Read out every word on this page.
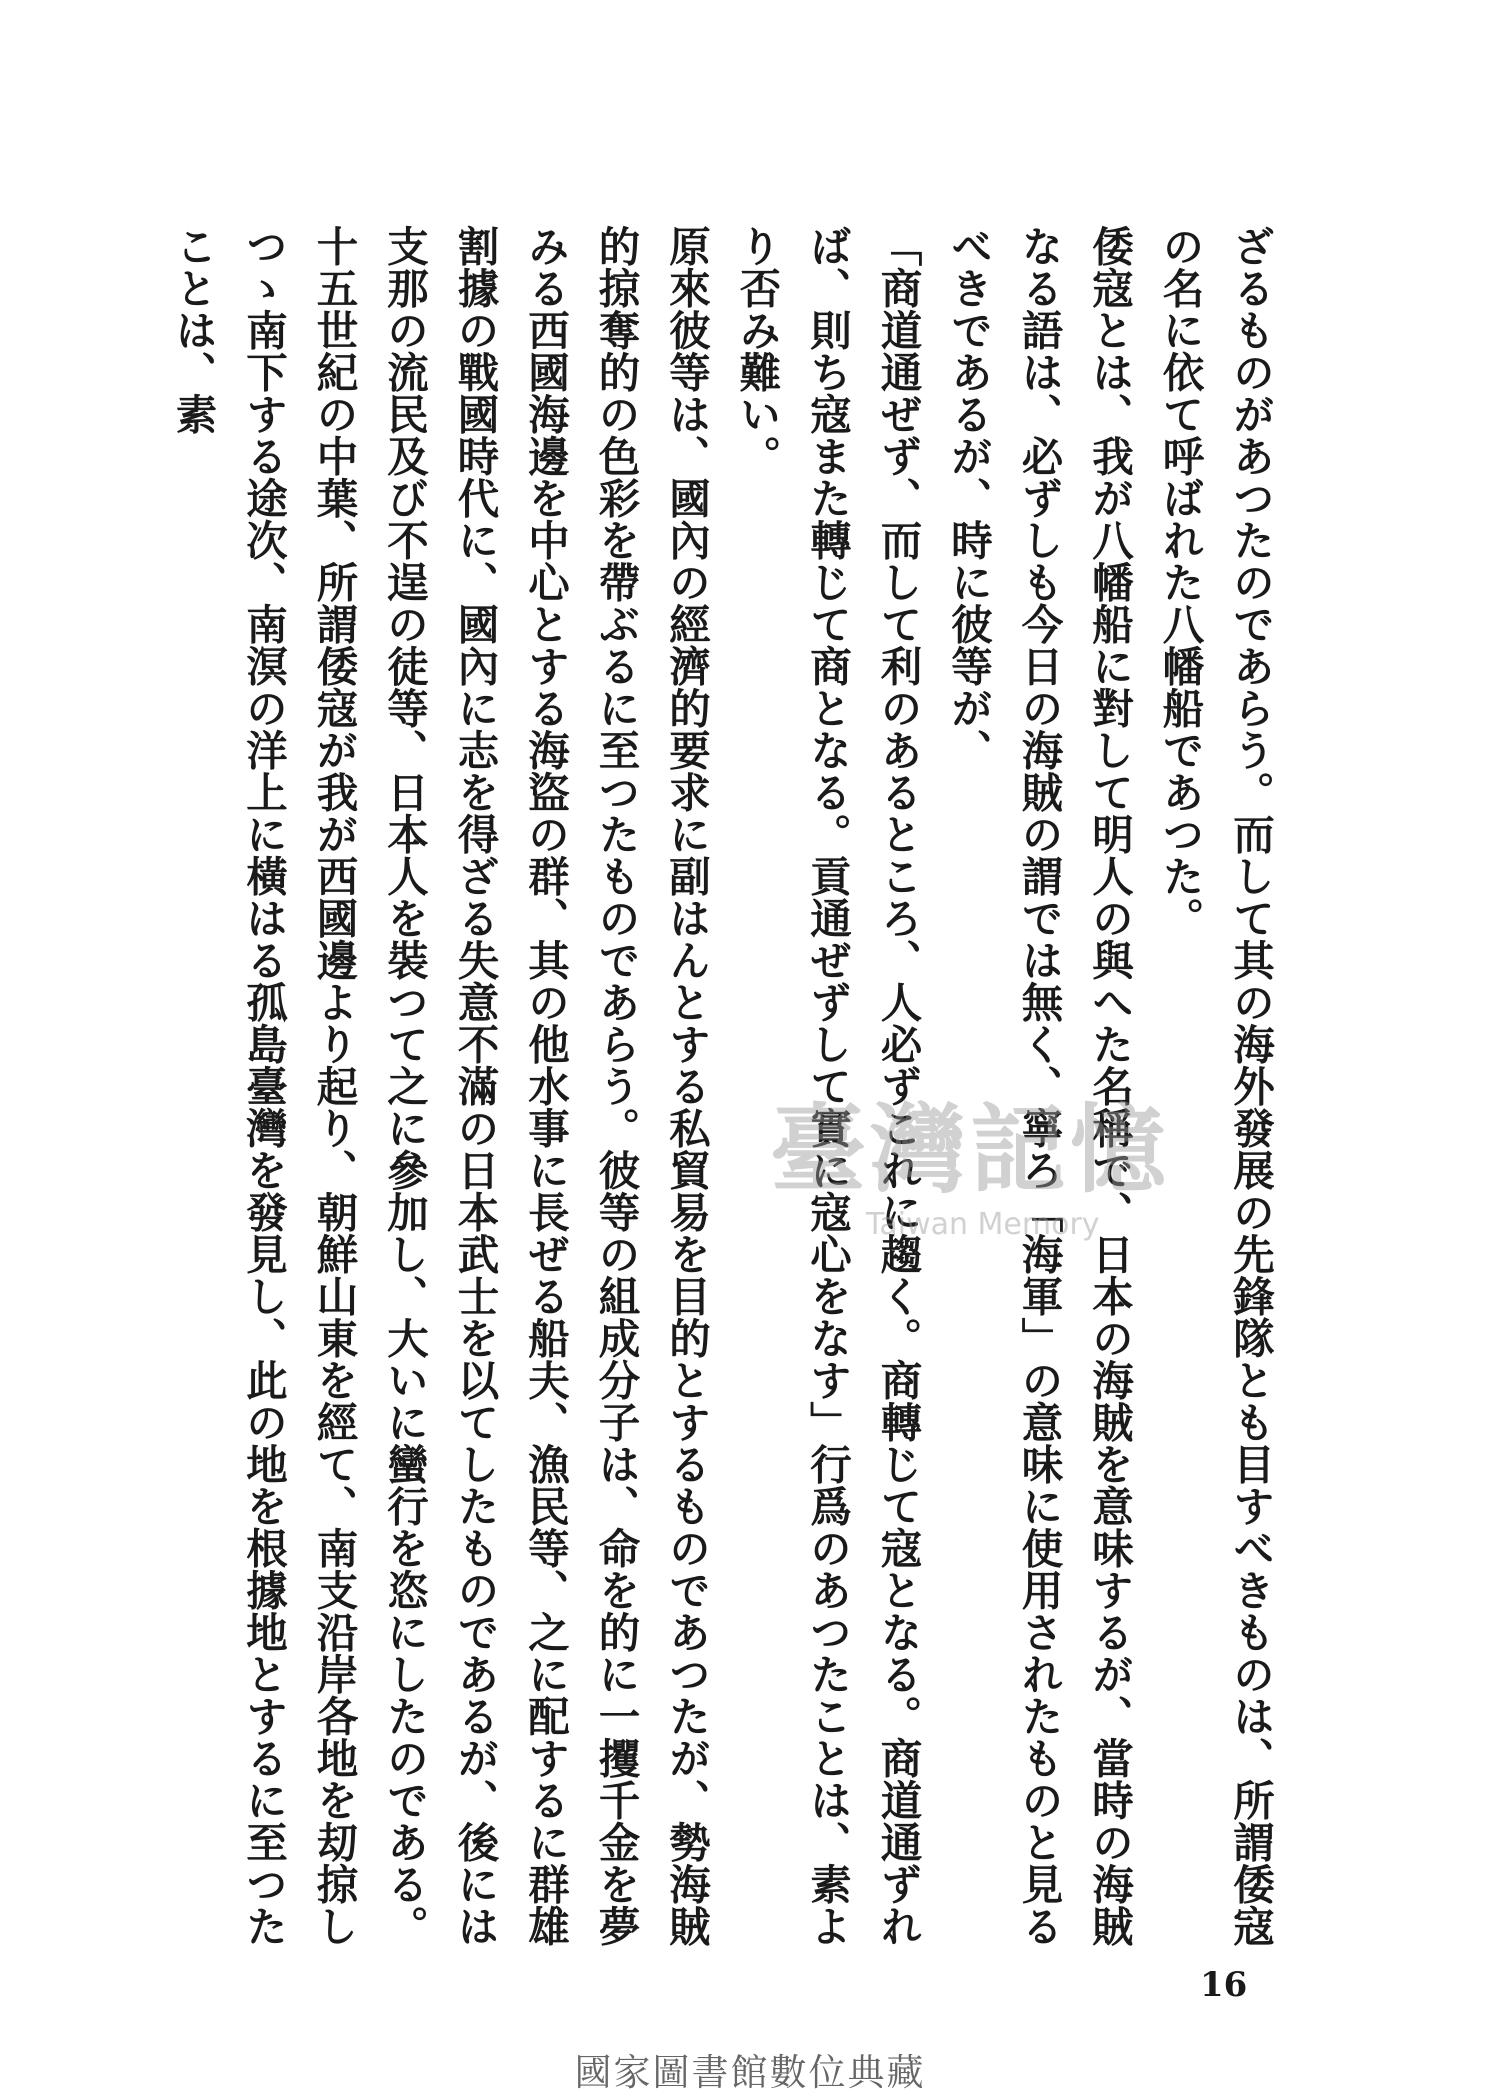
ざるものがあつたのであらう。而して其の海外發展の先鋒隊とも目すべきものは、所謂倭寇の名に依て呼ばれた八幡船であつた。

倭寇とは、我が八幡船に對して明人の與へた名稱で、日本の海賊を意味するが、當時の海賊なる語は、必ずしも今日の海賊の謂では無く、寧ろ「海軍」の意味に使用されたものと見るべきであるが、時に彼等が、

「商道通ぜず、而して利のあるところ、人必ずこれに趨く。商轉じて寇となる。商道通ずれば、則ち寇また轉じて商となる。貢通ぜずして實に寇心をなす」行爲のあつたことは、素より否み難い。

原來彼等は、國內の經濟的要求に副はんとする私貿易を目的とするものであつたが、勢海賊的掠奪的の色彩を帶ぶるに至つたものであらう。彼等の組成分子は、命を的に一攫千金を夢みる西國海邊を中心とする海盜の群、其の他水事に長ぜる船夫、漁民等、之に配するに群雄割據の戰國時代に、國內に志を得ざる失意不滿の日本武士を以てしたものであるが、後には支那の流民及び不逞の徒等、日本人を裝つて之に參加し、大いに蠻行を恣にしたのである。

十五世紀の中葉、所謂倭寇が我が西國邊より起り、朝鮮山東を經て、南支沿岸各地を刧掠しつゝ南下する途次、南溟の洋上に橫はる孤島臺灣を發見し、此の地を根據地とするに至つたことは、素

臺灣記憶
Taiwan Memory
16
國家圖書館數位典藏
